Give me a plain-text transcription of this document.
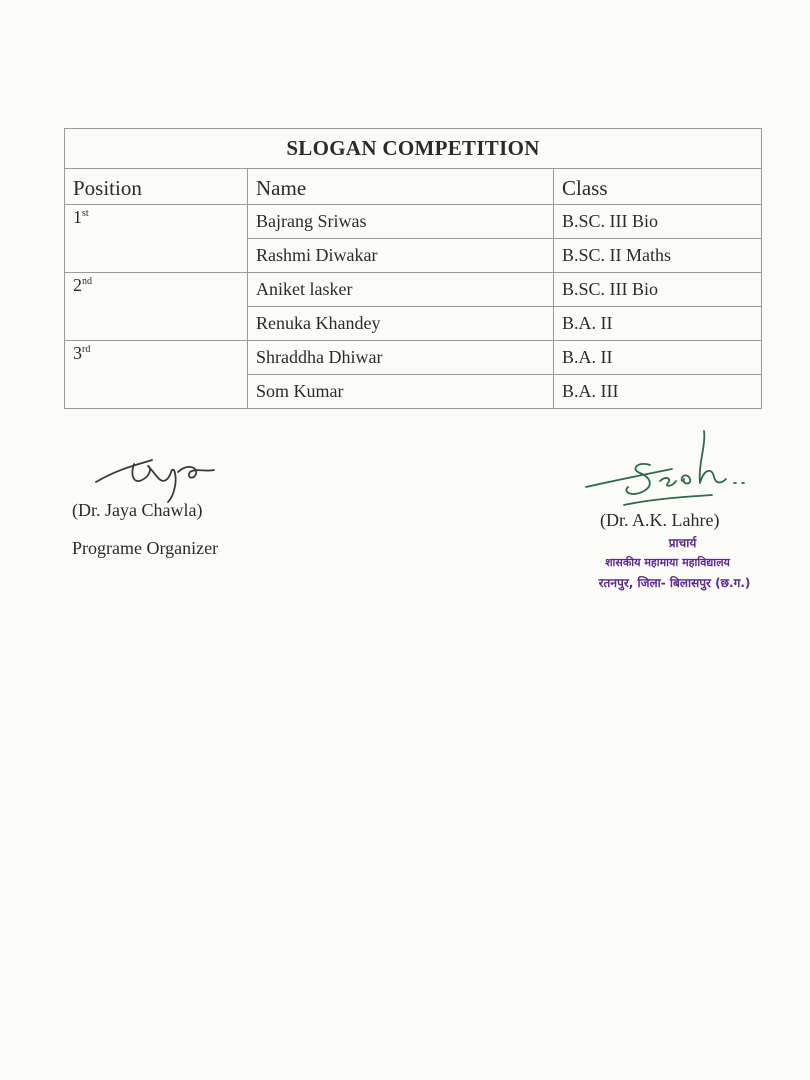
SLOGAN COMPETITION		
Position	Name	Class
1st	Bajrang Sriwas	B.SC. III Bio
	Rashmi Diwakar	B.SC. II Maths
2nd	Aniket lasker	B.SC. III Bio
	Renuka Khandey	B.A. II
3rd	Shraddha Dhiwar	B.A. II
	Som Kumar	B.A. III
(Dr. Jaya Chawla)
Programe Organizer
(Dr. A.K. Lahre)
प्राचार्य
शासकीय महामाया महाविद्यालय
रतनपुर, जिला- बिलासपुर (छ.ग.)
